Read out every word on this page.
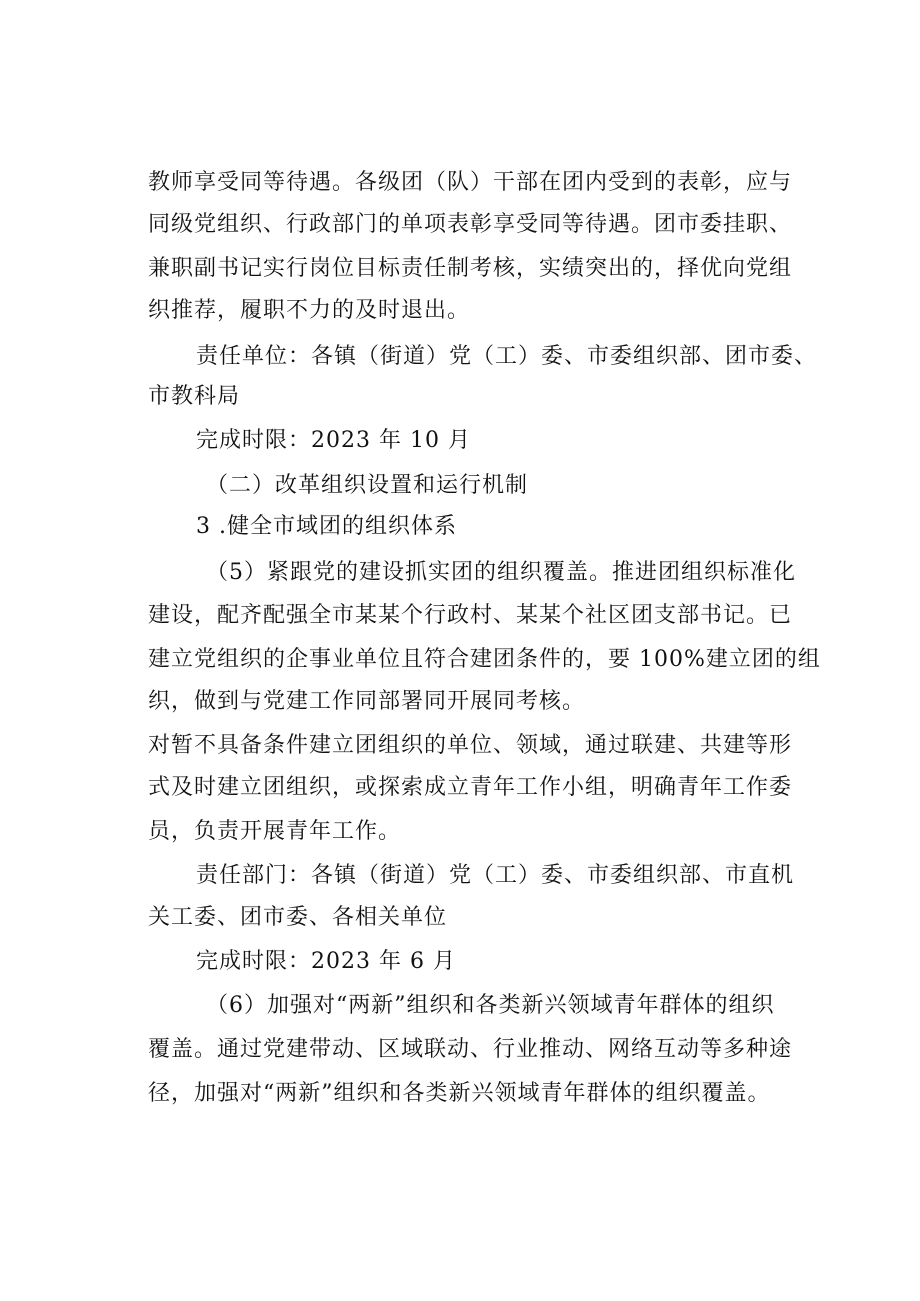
教师享受同等待遇。各级团（队）干部在团内受到的表彰，应与
同级党组织、行政部门的单项表彰享受同等待遇。团市委挂职、
兼职副书记实行岗位目标责任制考核，实绩突出的，择优向党组
织推荐，履职不力的及时退出。
责任单位：各镇（街道）党（工）委、市委组织部、团市委、
市教科局
完成时限：2023 年 10 月
（二）改革组织设置和运行机制
3 .健全市域团的组织体系
（5）紧跟党的建设抓实团的组织覆盖。推进团组织标准化
建设，配齐配强全市某某个行政村、某某个社区团支部书记。已
建立党组织的企事业单位且符合建团条件的，要 100%建立团的组
织，做到与党建工作同部署同开展同考核。
对暂不具备条件建立团组织的单位、领域，通过联建、共建等形
式及时建立团组织，或探索成立青年工作小组，明确青年工作委
员，负责开展青年工作。
责任部门：各镇（街道）党（工）委、市委组织部、市直机
关工委、团市委、各相关单位
完成时限：2023 年 6 月
（6）加强对“两新”组织和各类新兴领域青年群体的组织
覆盖。通过党建带动、区域联动、行业推动、网络互动等多种途
径，加强对“两新”组织和各类新兴领域青年群体的组织覆盖。
